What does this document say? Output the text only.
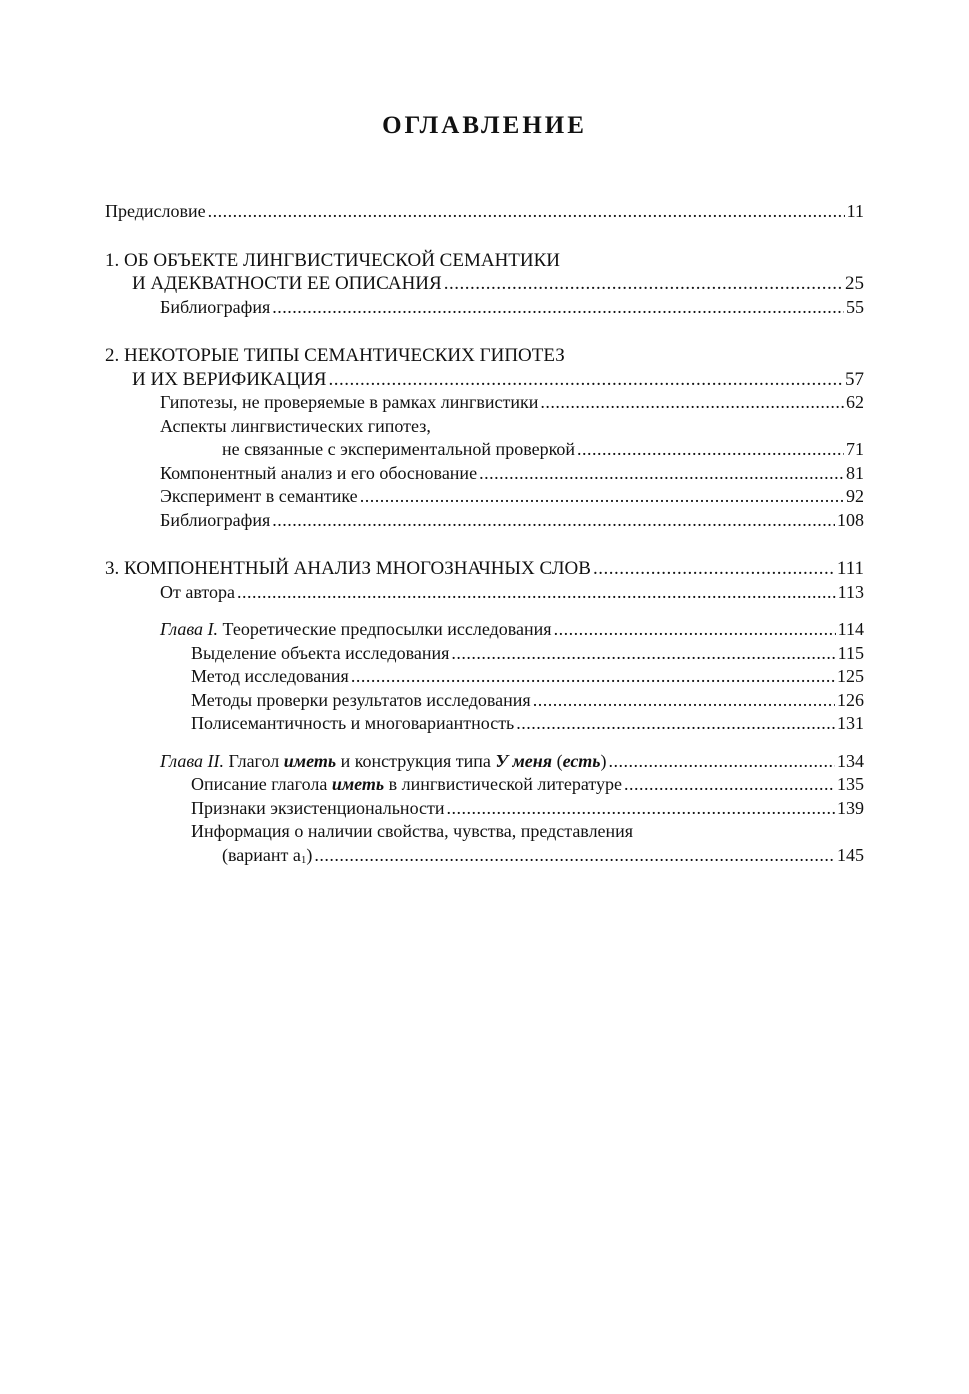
ОГЛАВЛЕНИЕ
Предисловие .....	11
1. ОБ ОБЪЕКТЕ ЛИНГВИСТИЧЕСКОЙ СЕМАНТИКИ
И АДЕКВАТНОСТИ ЕЕ ОПИСАНИЯ .....	25
Библиография .....	55
2. НЕКОТОРЫЕ ТИПЫ СЕМАНТИЧЕСКИХ ГИПОТЕЗ
И ИХ ВЕРИФИКАЦИЯ .....	57
Гипотезы, не проверяемые в рамках лингвистики .....	62
Аспекты лингвистических гипотез,
не связанные с экспериментальной проверкой .....	71
Компонентный анализ и его обоснование .....	81
Эксперимент в семантике .....	92
Библиография .....	108
3. КОМПОНЕНТНЫЙ АНАЛИЗ МНОГОЗНАЧНЫХ СЛОВ .....	111
От автора .....	113
Глава I. Теоретические предпосылки исследования .....	114
Выделение объекта исследования .....	115
Метод исследования .....	125
Методы проверки результатов исследования .....	126
Полисемантичность и многовариантность .....	131
Глава II. Глагол иметь и конструкция типа У меня (есть) .....	134
Описание глагола иметь в лингвистической литературе .....	135
Признаки экзистенциональности .....	139
Информация о наличии свойства, чувства, представления
(вариант $a_1$) .....	145
